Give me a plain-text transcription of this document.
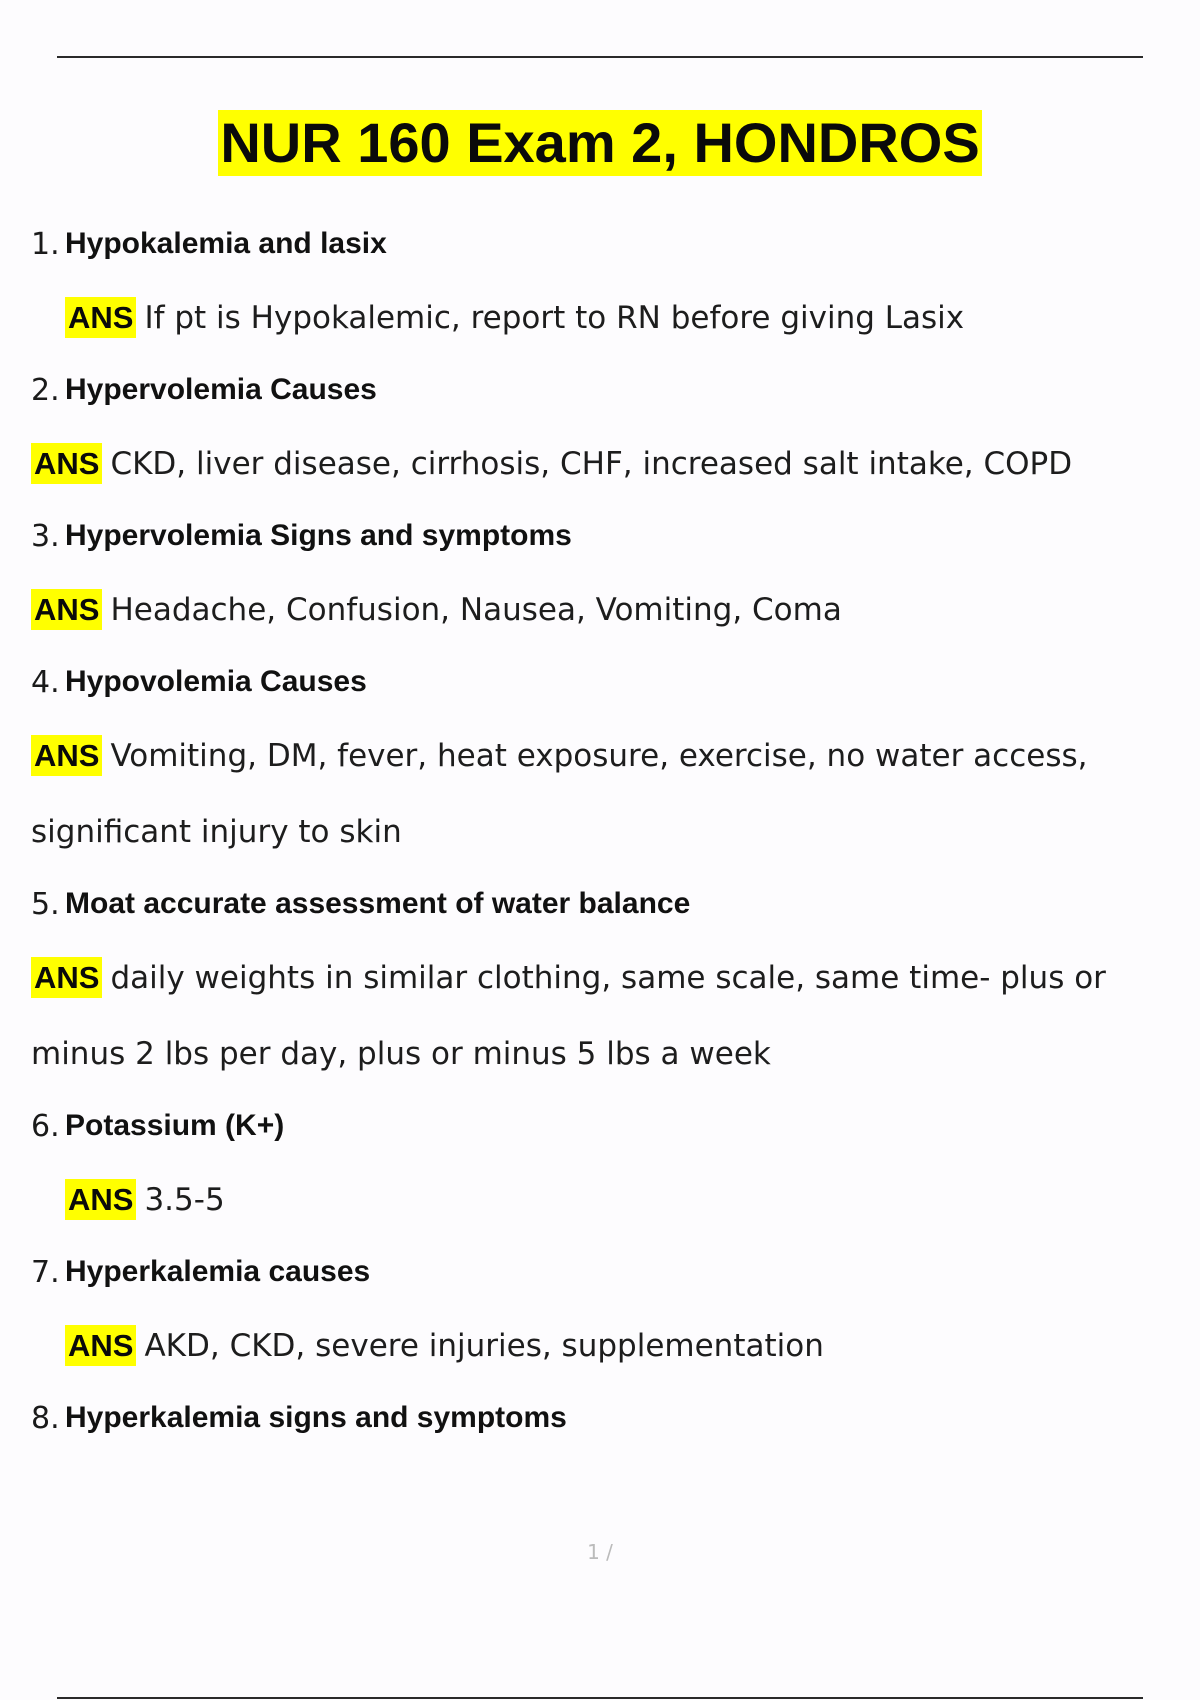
NUR 160 Exam 2, HONDROS
1. Hypokalemia and lasix
ANS If pt is Hypokalemic, report to RN before giving Lasix
2. Hypervolemia Causes
ANS CKD, liver disease, cirrhosis, CHF, increased salt intake, COPD
3. Hypervolemia Signs and symptoms
ANS Headache, Confusion, Nausea, Vomiting, Coma
4. Hypovolemia Causes
ANS Vomiting, DM, fever, heat exposure, exercise, no water access, significant injury to skin
5. Moat accurate assessment of water balance
ANS daily weights in similar clothing, same scale, same time- plus or minus 2 lbs per day, plus or minus 5 lbs a week
6. Potassium (K+)
ANS 3.5-5
7. Hyperkalemia causes
ANS AKD, CKD, severe injuries, supplementation
8. Hyperkalemia signs and symptoms
1 /
